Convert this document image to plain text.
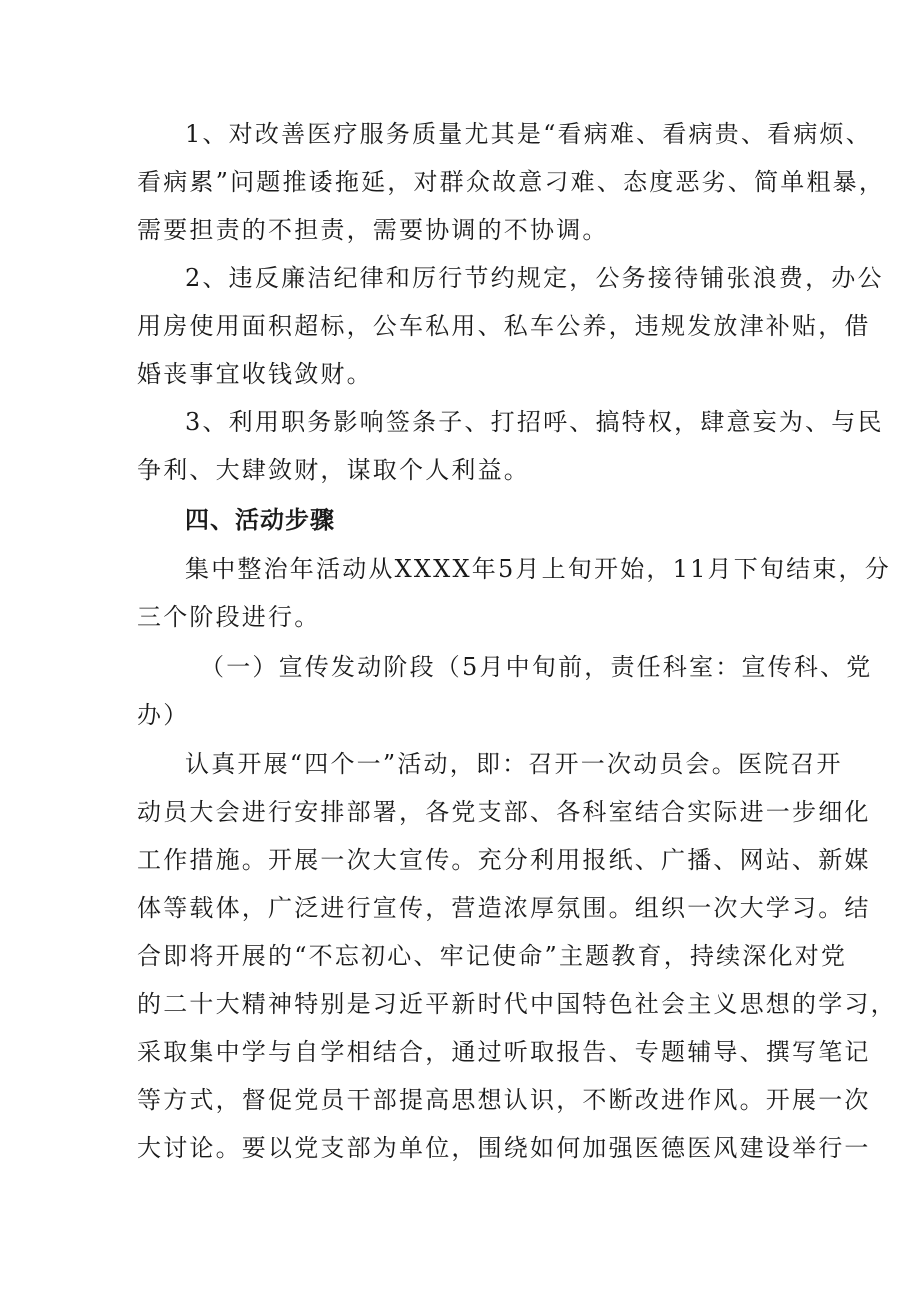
1、对改善医疗服务质量尤其是“看病难、看病贵、看病烦、
看病累”问题推诿拖延，对群众故意刁难、态度恶劣、简单粗暴，
需要担责的不担责，需要协调的不协调。
2、违反廉洁纪律和厉行节约规定，公务接待铺张浪费，办公
用房使用面积超标，公车私用、私车公养，违规发放津补贴，借
婚丧事宜收钱敛财。
3、利用职务影响签条子、打招呼、搞特权，肆意妄为、与民
争利、大肆敛财，谋取个人利益。
四、活动步骤
集中整治年活动从XXXX年5月上旬开始，11月下旬结束，分
三个阶段进行。
（一）宣传发动阶段（5月中旬前，责任科室：宣传科、党
办）
认真开展“四个一”活动，即：召开一次动员会。医院召开
动员大会进行安排部署，各党支部、各科室结合实际进一步细化
工作措施。开展一次大宣传。充分利用报纸、广播、网站、新媒
体等载体，广泛进行宣传，营造浓厚氛围。组织一次大学习。结
合即将开展的“不忘初心、牢记使命”主题教育，持续深化对党
的二十大精神特别是习近平新时代中国特色社会主义思想的学习，
采取集中学与自学相结合，通过听取报告、专题辅导、撰写笔记
等方式，督促党员干部提高思想认识，不断改进作风。开展一次
大讨论。要以党支部为单位，围绕如何加强医德医风建设举行一
